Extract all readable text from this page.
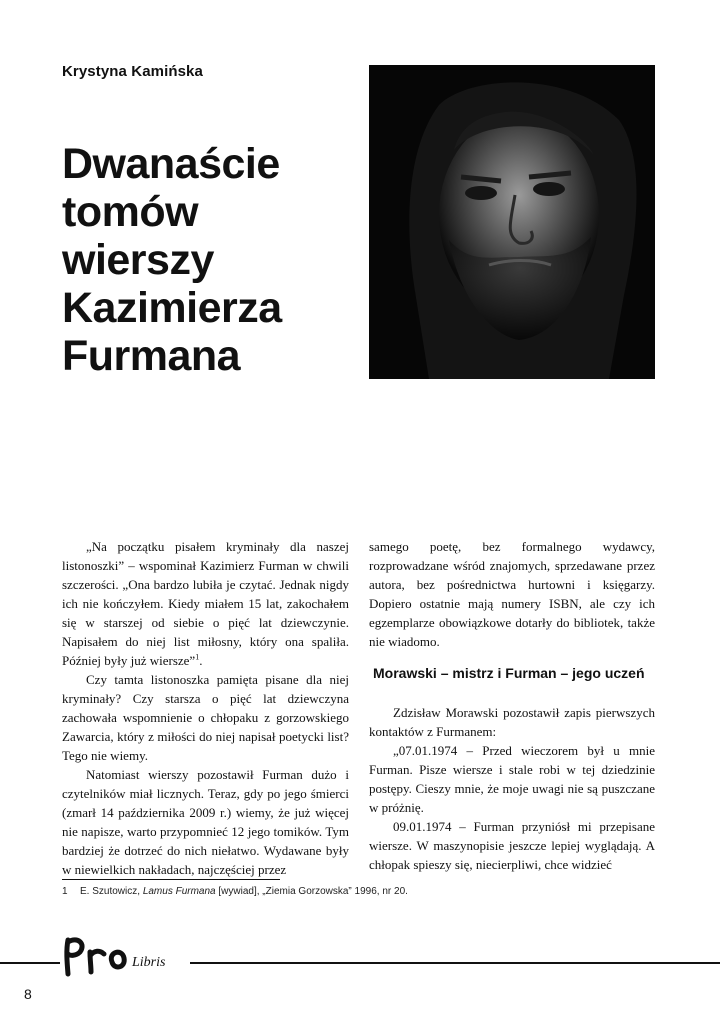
Krystyna Kamińska
Dwanaście
tomów
wierszy
Kazimierza
Furmana

„Na początku pisałem kryminały dla naszej listonoszki” – wspominał Kazimierz Furman w chwili szczerości. „Ona bardzo lubiła je czytać. Jednak nigdy ich nie kończyłem. Kiedy miałem 15 lat, zakochałem się w starszej od siebie o pięć lat dziewczynie. Napisałem do niej list miłosny, który ona spaliła. Później były już wiersze”$^1$.

Czy tamta listonoszka pamięta pisane dla niej kryminały? Czy starsza o pięć lat dziewczyna zachowała wspomnienie o chłopaku z gorzowskiego Zawarcia, który z miłości do niej napisał poetycki list? Tego nie wiemy.

Natomiast wierszy pozostawił Furman dużo i czytelników miał licznych. Teraz, gdy po jego śmierci (zmarł 14 października 2009 r.) wiemy, że już więcej nie napisze, warto przypomnieć 12 jego tomików. Tym bardziej że dotrzeć do nich niełatwo. Wydawane były w niewielkich nakładach, najczęściej przez

samego poetę, bez formalnego wydawcy, rozprowadzane wśród znajomych, sprzedawane przez autora, bez pośrednictwa hurtowni i księgarzy. Dopiero ostatnie mają numery ISBN, ale czy ich egzemplarze obowiązkowe dotarły do bibliotek, także nie wiadomo.

Morawski – mistrz i Furman – jego uczeń

Zdzisław Morawski pozostawił zapis pierwszych kontaktów z Furmanem:

„07.01.1974 – Przed wieczorem był u mnie Furman. Pisze wiersze i stale robi w tej dziedzinie postępy. Cieszy mnie, że moje uwagi nie są puszczane w próżnię.

09.01.1974 – Furman przyniósł mi przepisane wiersze. W maszynopisie jeszcze lepiej wyglądają. A chłopak spieszy się, niecierpliwi, chce widzieć

1 E. Szutowicz, Lamus Furmana [wywiad], „Ziemia Gorzowska” 1996, nr 20.
Libris
8
